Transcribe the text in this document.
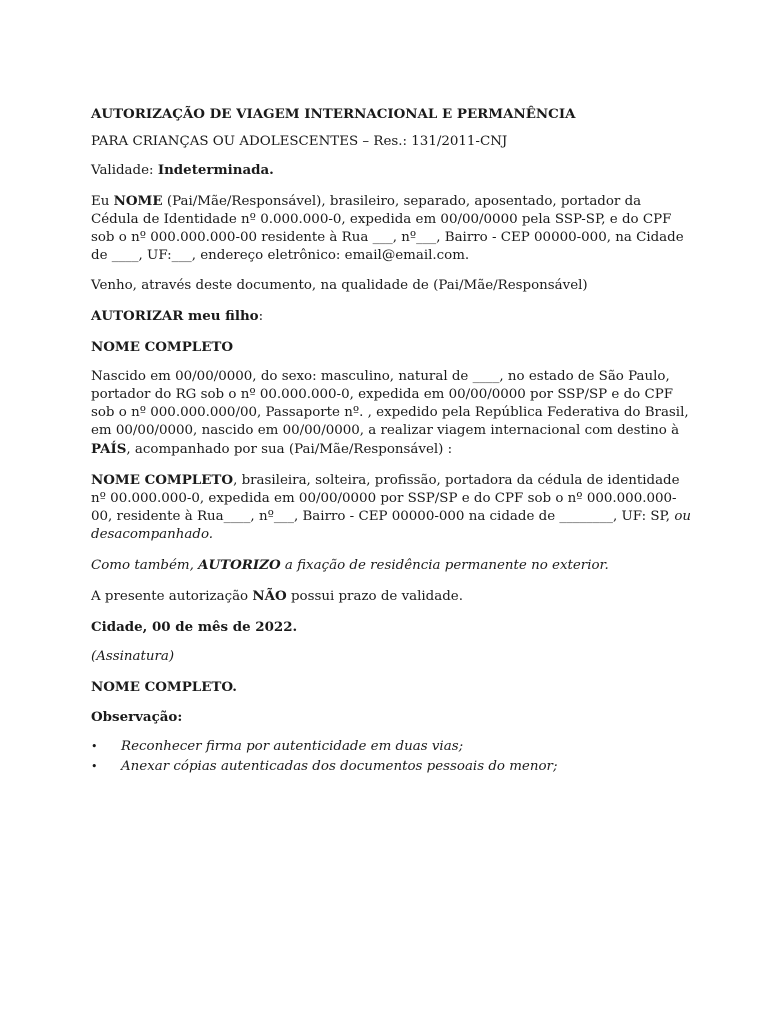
AUTORIZAÇÃO DE VIAGEM INTERNACIONAL E PERMANÊNCIA

PARA CRIANÇAS OU ADOLESCENTES – Res.: 131/2011-CNJ

Validade: Indeterminada.

Eu NOME (Pai/Mãe/Responsável), brasileiro, separado, aposentado, portador da Cédula de Identidade nº 0.000.000-0, expedida em 00/00/0000 pela SSP-SP, e do CPF sob o nº 000.000.000-00 residente à Rua ___, nº___, Bairro - CEP 00000-000, na Cidade de ____, UF:___, endereço eletrônico: email@email.com.

Venho, através deste documento, na qualidade de (Pai/Mãe/Responsável)

AUTORIZAR meu filho:

NOME COMPLETO

Nascido em 00/00/0000, do sexo: masculino, natural de ____, no estado de São Paulo, portador do RG sob o nº 00.000.000-0, expedida em 00/00/0000 por SSP/SP e do CPF sob o nº 000.000.000/00, Passaporte nº. , expedido pela República Federativa do Brasil, em 00/00/0000, nascido em 00/00/0000, a realizar viagem internacional com destino à PAÍS, acompanhado por sua (Pai/Mãe/Responsável) :

NOME COMPLETO, brasileira, solteira, profissão, portadora da cédula de identidade nº 00.000.000-0, expedida em 00/00/0000 por SSP/SP e do CPF sob o nº 000.000.000-00, residente à Rua____, nº___, Bairro - CEP 00000-000 na cidade de ________, UF: SP, ou desacompanhado.

Como também, AUTORIZO a fixação de residência permanente no exterior.

A presente autorização NÃO possui prazo de validade.

Cidade, 00 de mês de 2022.

(Assinatura)

NOME COMPLETO.

Observação:

• Reconhecer firma por autenticidade em duas vias;
• Anexar cópias autenticadas dos documentos pessoais do menor;
